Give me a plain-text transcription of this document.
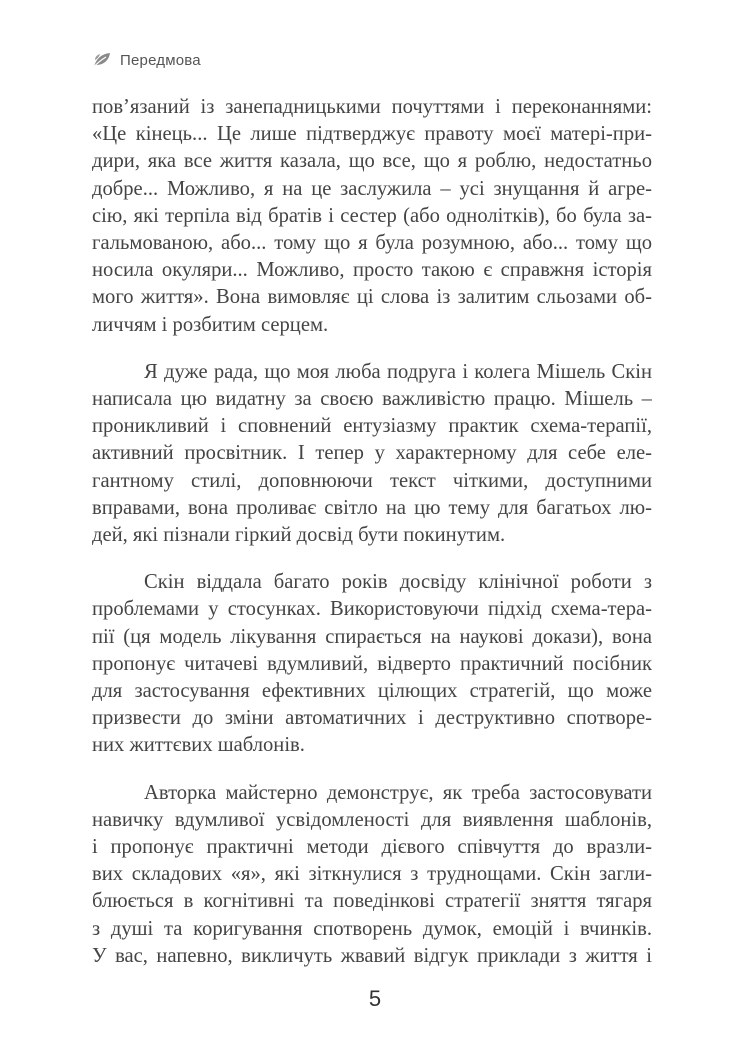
Передмова
пов’язаний із занепадницькими почуттями і переконаннями:
«Це кінець... Це лише підтверджує правоту моєї матері-при-
дири, яка все життя казала, що все, що я роблю, недостатньо
добре... Можливо, я на це заслужила – усі знущання й агре-
сію, які терпіла від братів і сестер (або однолітків), бо була за-
гальмованою, або... тому що я була розумною, або... тому що
носила окуляри... Можливо, просто такою є справжня історія
мого життя». Вона вимовляє ці слова із залитим сльозами об-
личчям і розбитим серцем.
Я дуже рада, що моя люба подруга і колега Мішель Скін
написала цю видатну за своєю важливістю працю. Мішель –
проникливий і сповнений ентузіазму практик схема-терапії,
активний просвітник. І тепер у характерному для себе еле-
гантному стилі, доповнюючи текст чіткими, доступними
вправами, вона проливає світло на цю тему для багатьох лю-
дей, які пізнали гіркий досвід бути покинутим.
Скін віддала багато років досвіду клінічної роботи з
проблемами у стосунках. Використовуючи підхід схема-тера-
пії (ця модель лікування спирається на наукові докази), вона
пропонує читачеві вдумливий, відверто практичний посібник
для застосування ефективних цілющих стратегій, що може
призвести до зміни автоматичних і деструктивно спотворе-
них життєвих шаблонів.
Авторка майстерно демонструє, як треба застосовувати
навичку вдумливої усвідомленості для виявлення шаблонів,
і пропонує практичні методи дієвого співчуття до вразли-
вих складових «я», які зіткнулися з труднощами. Скін загли-
блюється в когнітивні та поведінкові стратегії зняття тягаря
з душі та коригування спотворень думок, емоцій і вчинків.
У вас, напевно, викличуть жвавий відгук приклади з життя і
5
